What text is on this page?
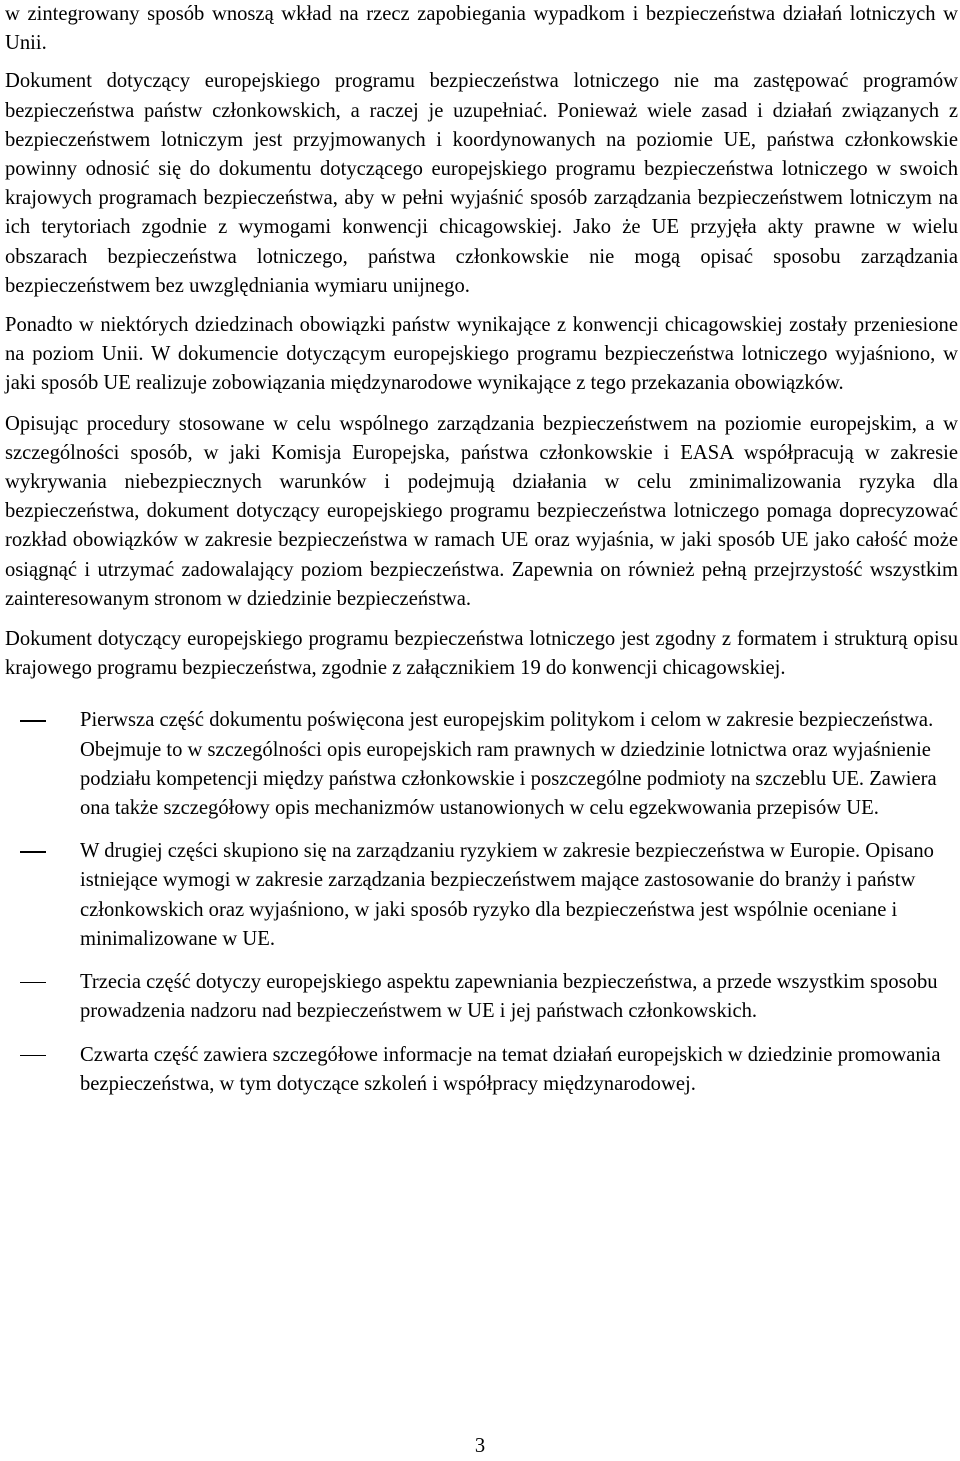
w zintegrowany sposób wnoszą wkład na rzecz zapobiegania wypadkom i bezpieczeństwa działań lotniczych w Unii.

Dokument dotyczący europejskiego programu bezpieczeństwa lotniczego nie ma zastępować programów bezpieczeństwa państw członkowskich, a raczej je uzupełniać. Ponieważ wiele zasad i działań związanych z bezpieczeństwem lotniczym jest przyjmowanych i koordynowanych na poziomie UE, państwa członkowskie powinny odnosić się do dokumentu dotyczącego europejskiego programu bezpieczeństwa lotniczego w swoich krajowych programach bezpieczeństwa, aby w pełni wyjaśnić sposób zarządzania bezpieczeństwem lotniczym na ich terytoriach zgodnie z wymogami konwencji chicagowskiej. Jako że UE przyjęła akty prawne w wielu obszarach bezpieczeństwa lotniczego, państwa członkowskie nie mogą opisać sposobu zarządzania bezpieczeństwem bez uwzględniania wymiaru unijnego.

Ponadto w niektórych dziedzinach obowiązki państw wynikające z konwencji chicagowskiej zostały przeniesione na poziom Unii. W dokumencie dotyczącym europejskiego programu bezpieczeństwa lotniczego wyjaśniono, w jaki sposób UE realizuje zobowiązania międzynarodowe wynikające z tego przekazania obowiązków.

Opisując procedury stosowane w celu wspólnego zarządzania bezpieczeństwem na poziomie europejskim, a w szczególności sposób, w jaki Komisja Europejska, państwa członkowskie i EASA współpracują w zakresie wykrywania niebezpiecznych warunków i podejmują działania w celu zminimalizowania ryzyka dla bezpieczeństwa, dokument dotyczący europejskiego programu bezpieczeństwa lotniczego pomaga doprecyzować rozkład obowiązków w zakresie bezpieczeństwa w ramach UE oraz wyjaśnia, w jaki sposób UE jako całość może osiągnąć i utrzymać zadowalający poziom bezpieczeństwa. Zapewnia on również pełną przejrzystość wszystkim zainteresowanym stronom w dziedzinie bezpieczeństwa.

Dokument dotyczący europejskiego programu bezpieczeństwa lotniczego jest zgodny z formatem i strukturą opisu krajowego programu bezpieczeństwa, zgodnie z załącznikiem 19 do konwencji chicagowskiej.

Pierwsza część dokumentu poświęcona jest europejskim politykom i celom w zakresie bezpieczeństwa. Obejmuje to w szczególności opis europejskich ram prawnych w dziedzinie lotnictwa oraz wyjaśnienie podziału kompetencji między państwa członkowskie i poszczególne podmioty na szczeblu UE. Zawiera ona także szczegółowy opis mechanizmów ustanowionych w celu egzekwowania przepisów UE.
W drugiej części skupiono się na zarządzaniu ryzykiem w zakresie bezpieczeństwa w Europie. Opisano istniejące wymogi w zakresie zarządzania bezpieczeństwem mające zastosowanie do branży i państw członkowskich oraz wyjaśniono, w jaki sposób ryzyko dla bezpieczeństwa jest wspólnie oceniane i minimalizowane w UE.
Trzecia część dotyczy europejskiego aspektu zapewniania bezpieczeństwa, a przede wszystkim sposobu prowadzenia nadzoru nad bezpieczeństwem w UE i jej państwach członkowskich.
Czwarta część zawiera szczegółowe informacje na temat działań europejskich w dziedzinie promowania bezpieczeństwa, w tym dotyczące szkoleń i współpracy międzynarodowej.
3
